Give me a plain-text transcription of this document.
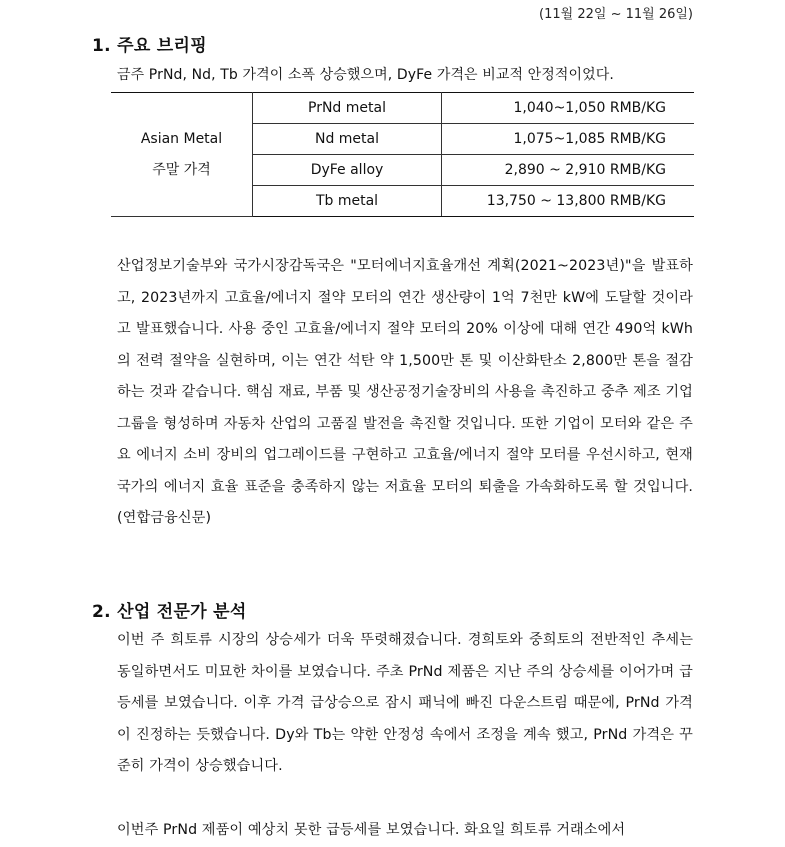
(11월 22일 ~ 11월 26일)
1. 주요 브리핑
금주 PrNd, Nd, Tb 가격이 소폭 상승했으며, DyFe 가격은 비교적 안정적이었다.
Asian Metal
주말 가격	PrNd metal	1,040~1,050 RMB/KG
	Nd metal	1,075~1,085 RMB/KG
	DyFe alloy	2,890 ~ 2,910 RMB/KG
	Tb metal	13,750 ~ 13,800 RMB/KG
산업정보기술부와 국가시장감독국은 "모터에너지효율개선 계획(2021~2023년)"을 발표하고, 2023년까지 고효율/에너지 절약 모터의 연간 생산량이 1억 7천만 kW에 도달할 것이라고 발표했습니다. 사용 중인 고효율/에너지 절약 모터의 20% 이상에 대해 연간 490억 kWh의 전력 절약을 실현하며, 이는 연간 석탄 약 1,500만 톤 및 이산화탄소 2,800만 톤을 절감하는 것과 같습니다. 핵심 재료, 부품 및 생산공정기술장비의 사용을 촉진하고 중추 제조 기업 그룹을 형성하며 자동차 산업의 고품질 발전을 촉진할 것입니다. 또한 기업이 모터와 같은 주요 에너지 소비 장비의 업그레이드를 구현하고 고효율/에너지 절약 모터를 우선시하고, 현재 국가의 에너지 효율 표준을 충족하지 않는 저효율 모터의 퇴출을 가속화하도록 할 것입니다. (연합금융신문)
2. 산업 전문가 분석
이번 주 희토류 시장의 상승세가 더욱 뚜렷해졌습니다. 경희토와 중희토의 전반적인 추세는 동일하면서도 미묘한 차이를 보였습니다. 주초 PrNd 제품은 지난 주의 상승세를 이어가며 급등세를 보였습니다. 이후 가격 급상승으로 잠시 패닉에 빠진 다운스트림 때문에, PrNd 가격이 진정하는 듯했습니다. Dy와 Tb는 약한 안정성 속에서 조정을 계속 했고, PrNd 가격은 꾸준히 가격이 상승했습니다.
이번주 PrNd 제품이 예상치 못한 급등세를 보였습니다. 화요일 희토류 거래소에서
